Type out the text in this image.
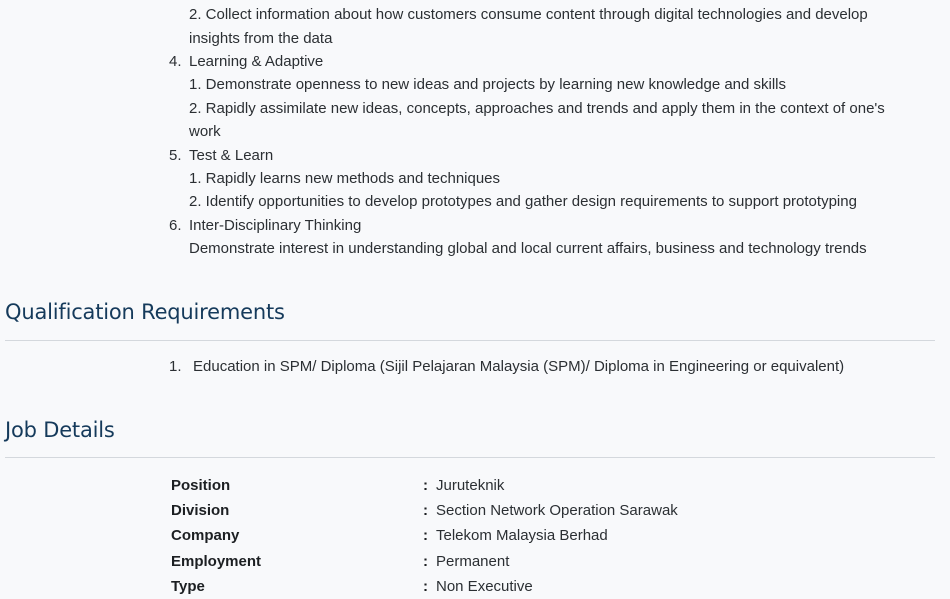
2. Collect information about how customers consume content through digital technologies and develop
insights from the data
4. Learning & Adaptive
1. Demonstrate openness to new ideas and projects by learning new knowledge and skills
2. Rapidly assimilate new ideas, concepts, approaches and trends and apply them in the context of one's
work
5. Test & Learn
1. Rapidly learns new methods and techniques
2. Identify opportunities to develop prototypes and gather design requirements to support prototyping
6. Inter-Disciplinary Thinking
Demonstrate interest in understanding global and local current affairs, business and technology trends
Qualification Requirements
1. Education in SPM/ Diploma (Sijil Pelajaran Malaysia (SPM)/ Diploma in Engineering or equivalent)
Job Details
Position	: Juruteknik
Division	: Section Network Operation Sarawak
Company	: Telekom Malaysia Berhad
Employment	: Permanent
Type	: Non Executive
